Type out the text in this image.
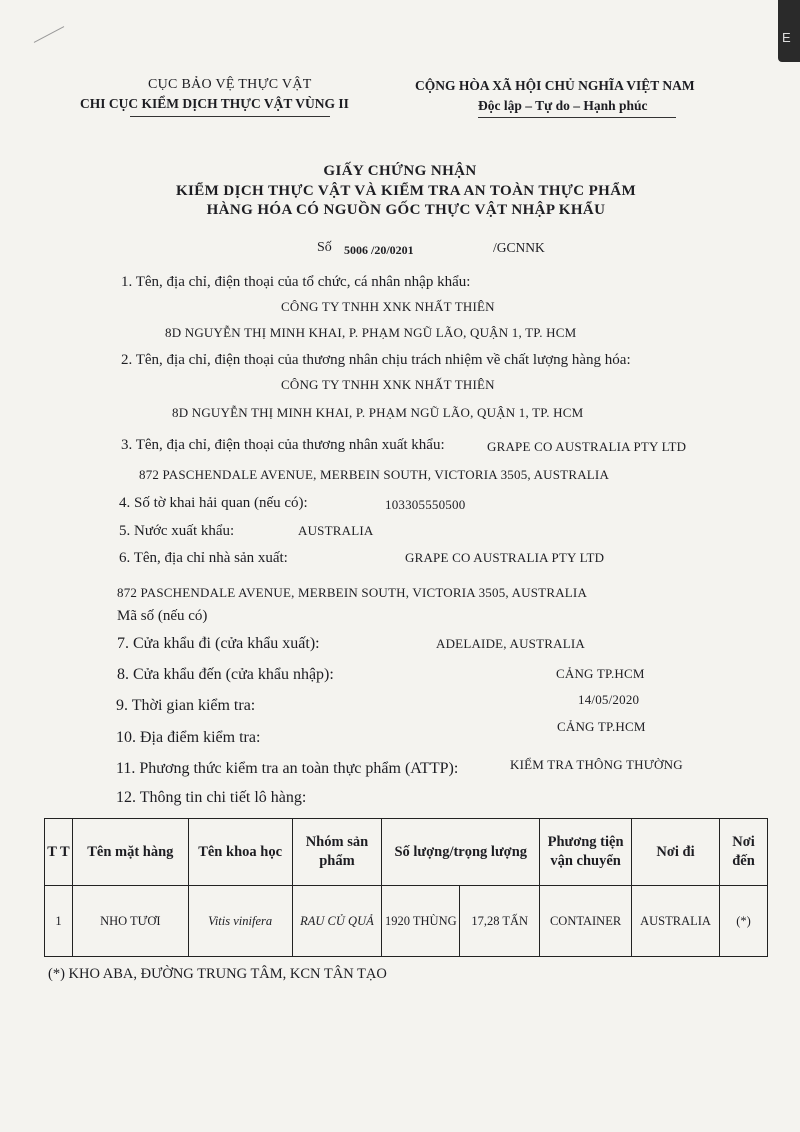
E
CỤC BẢO VỆ THỰC VẬT
CHI CỤC KIỂM DỊCH THỰC VẬT VÙNG II
CỘNG HÒA XÃ HỘI CHỦ NGHĨA VIỆT NAM
Độc lập – Tự do – Hạnh phúc
GIẤY CHỨNG NHẬN
KIỂM DỊCH THỰC VẬT VÀ KIỂM TRA AN TOÀN THỰC PHẨM
HÀNG HÓA CÓ NGUỒN GỐC THỰC VẬT NHẬP KHẨU
Số 5006 /20/0201	/GCNNK
1. Tên, địa chỉ, điện thoại của tổ chức, cá nhân nhập khẩu:
CÔNG TY TNHH XNK NHẤT THIÊN
8D NGUYỄN THỊ MINH KHAI, P. PHẠM NGŨ LÃO, QUẬN 1, TP. HCM
2. Tên, địa chỉ, điện thoại của thương nhân chịu trách nhiệm về chất lượng hàng hóa:
CÔNG TY TNHH XNK NHẤT THIÊN
8D NGUYỄN THỊ MINH KHAI, P. PHẠM NGŨ LÃO, QUẬN 1, TP. HCM
3. Tên, địa chỉ, điện thoại của thương nhân xuất khẩu:	GRAPE CO AUSTRALIA PTY LTD
872 PASCHENDALE AVENUE, MERBEIN SOUTH, VICTORIA 3505, AUSTRALIA
4. Số tờ khai hải quan (nếu có):	103305550500
5. Nước xuất khẩu:	AUSTRALIA
6. Tên, địa chỉ nhà sản xuất:	GRAPE CO AUSTRALIA PTY LTD
872 PASCHENDALE AVENUE, MERBEIN SOUTH, VICTORIA 3505, AUSTRALIA
Mã số (nếu có)
7. Cửa khẩu đi (cửa khẩu xuất):	ADELAIDE, AUSTRALIA
8. Cửa khẩu đến (cửa khẩu nhập):	CẢNG TP.HCM
9. Thời gian kiểm tra:	14/05/2020
10. Địa điểm kiểm tra:
CẢNG TP.HCM
11. Phương thức kiểm tra an toàn thực phẩm (ATTP):	KIỂM TRA THÔNG THƯỜNG
12. Thông tin chi tiết lô hàng:
T T	Tên mặt hàng	Tên khoa học	Nhóm sản phẩm	Số lượng/trọng lượng		Phương tiện vận chuyển	Nơi đi	Nơi đến
1	NHO TƯƠI	Vitis vinifera	RAU CỦ QUẢ	1920 THÙNG	17,28 TẤN	CONTAINER	AUSTRALIA	(*)
(*) KHO ABA, ĐƯỜNG TRUNG TÂM, KCN TÂN TẠO
